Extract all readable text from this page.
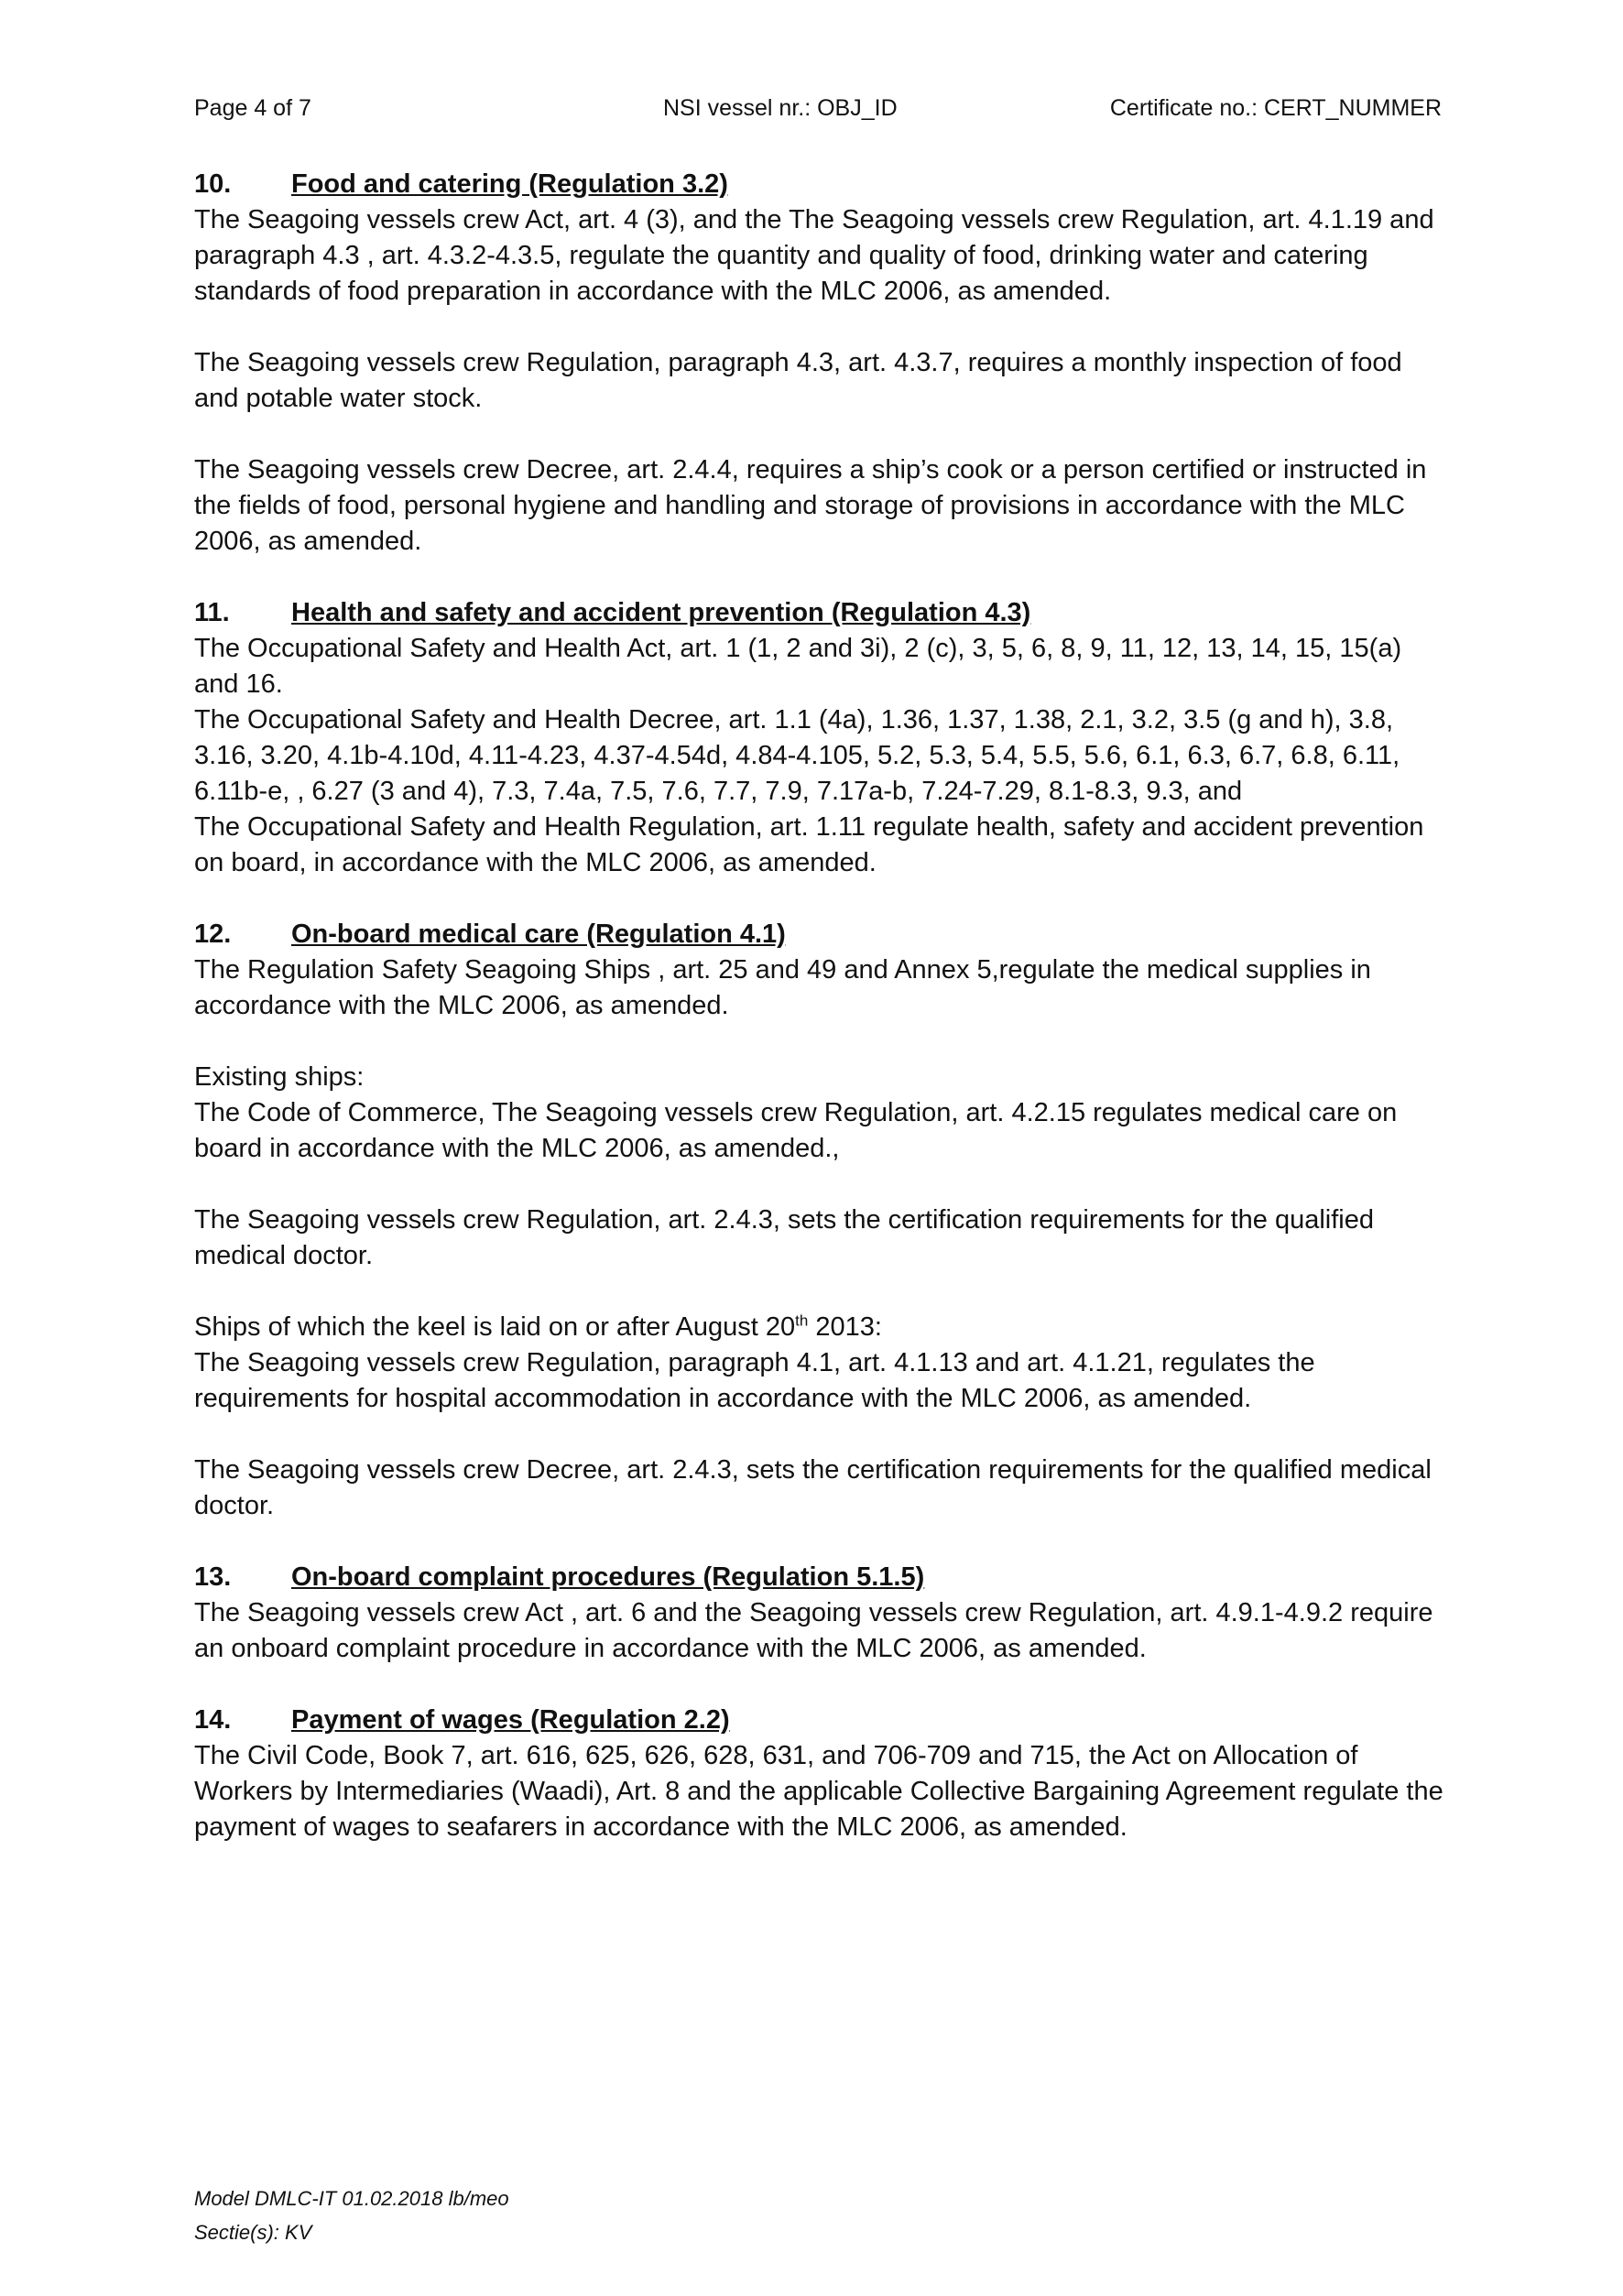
Page 4 of 7	NSI vessel nr.: OBJ_ID	Certificate no.: CERT_NUMMER

10. Food and catering (Regulation 3.2)

The Seagoing vessels crew Act, art. 4 (3), and the The Seagoing vessels crew Regulation, art. 4.1.19 and paragraph 4.3 , art. 4.3.2-4.3.5, regulate the quantity and quality of food, drinking water and catering standards of food preparation in accordance with the MLC 2006, as amended.

The Seagoing vessels crew Regulation, paragraph 4.3, art. 4.3.7, requires a monthly inspection of food and potable water stock.

The Seagoing vessels crew Decree, art. 2.4.4, requires a ship’s cook or a person certified or instructed in the fields of food, personal hygiene and handling and storage of provisions in accordance with the MLC 2006, as amended.

11. Health and safety and accident prevention (Regulation 4.3)

The Occupational Safety and Health Act, art. 1 (1, 2 and 3i), 2 (c), 3, 5, 6, 8, 9, 11, 12, 13, 14, 15, 15(a) and 16.

The Occupational Safety and Health Decree, art. 1.1 (4a), 1.36, 1.37, 1.38, 2.1, 3.2, 3.5 (g and h), 3.8, 3.16, 3.20, 4.1b-4.10d, 4.11-4.23, 4.37-4.54d, 4.84-4.105, 5.2, 5.3, 5.4, 5.5, 5.6, 6.1, 6.3, 6.7, 6.8, 6.11, 6.11b-e, , 6.27 (3 and 4), 7.3, 7.4a, 7.5, 7.6, 7.7, 7.9, 7.17a-b, 7.24-7.29, 8.1-8.3, 9.3, and

The Occupational Safety and Health Regulation, art. 1.11 regulate health, safety and accident prevention on board, in accordance with the MLC 2006, as amended.

12. On-board medical care (Regulation 4.1)

The Regulation Safety Seagoing Ships , art. 25 and 49 and Annex 5,regulate the medical supplies in accordance with the MLC 2006, as amended.

Existing ships:

The Code of Commerce, The Seagoing vessels crew Regulation, art. 4.2.15 regulates medical care on board in accordance with the MLC 2006, as amended.,

The Seagoing vessels crew Regulation, art. 2.4.3, sets the certification requirements for the qualified medical doctor.

Ships of which the keel is laid on or after August 20th 2013:

The Seagoing vessels crew Regulation, paragraph 4.1, art. 4.1.13 and art. 4.1.21, regulates the requirements for hospital accommodation in accordance with the MLC 2006, as amended.

The Seagoing vessels crew Decree, art. 2.4.3, sets the certification requirements for the qualified medical doctor.

13. On-board complaint procedures (Regulation 5.1.5)

The Seagoing vessels crew Act , art. 6 and the Seagoing vessels crew Regulation, art. 4.9.1-4.9.2 require an onboard complaint procedure in accordance with the MLC 2006, as amended.

14. Payment of wages (Regulation 2.2)

The Civil Code, Book 7, art. 616, 625, 626, 628, 631, and 706-709 and 715, the Act on Allocation of Workers by Intermediaries (Waadi), Art. 8 and the applicable Collective Bargaining Agreement regulate the payment of wages to seafarers in accordance with the MLC 2006, as amended.

Model DMLC-IT 01.02.2018 lb/meo

Sectie(s): KV
